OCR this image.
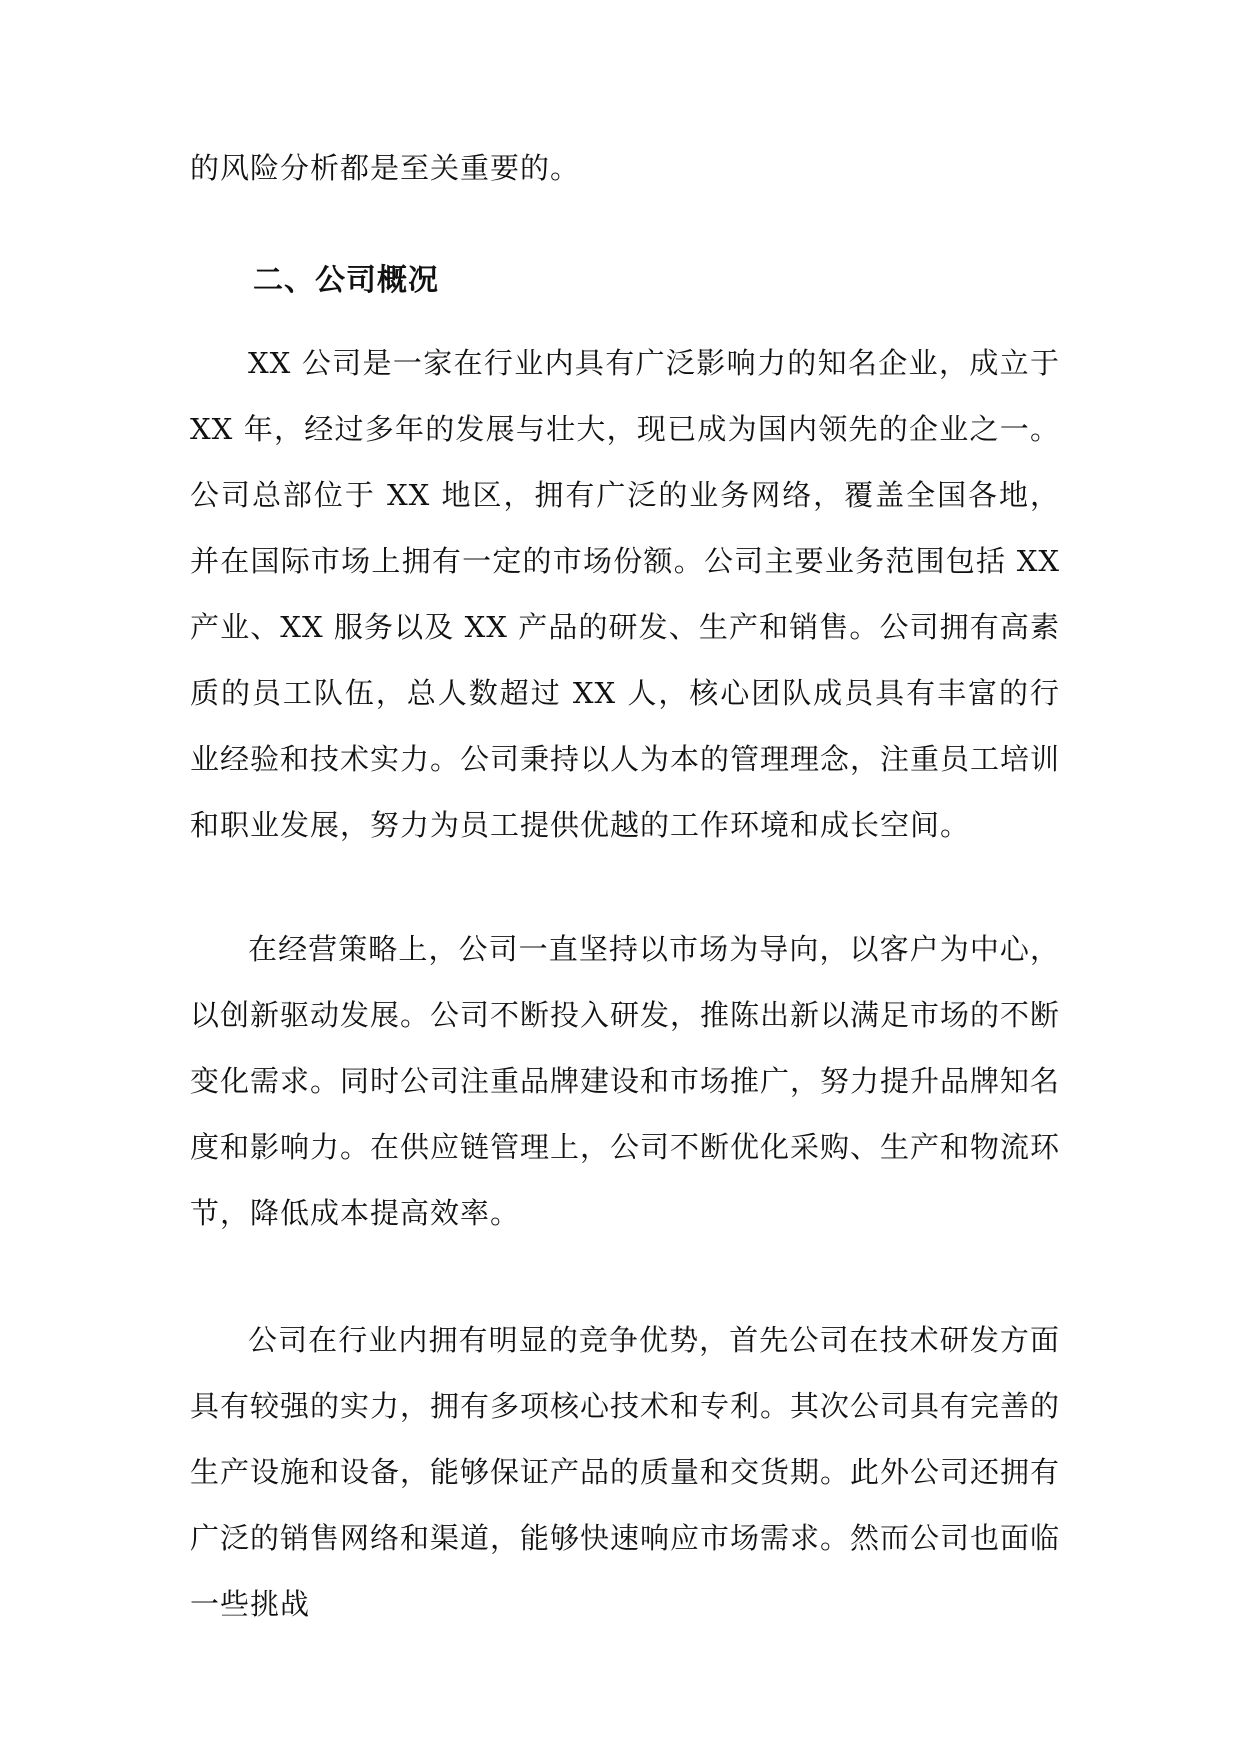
的风险分析都是至关重要的。

二、公司概况

XX 公司是一家在行业内具有广泛影响力的知名企业，成立于 XX 年，经过多年的发展与壮大，现已成为国内领先的企业之一。公司总部位于 XX 地区，拥有广泛的业务网络，覆盖全国各地，并在国际市场上拥有一定的市场份额。公司主要业务范围包括 XX 产业、XX 服务以及 XX 产品的研发、生产和销售。公司拥有高素质的员工队伍，总人数超过 XX 人，核心团队成员具有丰富的行业经验和技术实力。公司秉持以人为本的管理理念，注重员工培训和职业发展，努力为员工提供优越的工作环境和成长空间。

在经营策略上，公司一直坚持以市场为导向，以客户为中心，以创新驱动发展。公司不断投入研发，推陈出新以满足市场的不断变化需求。同时公司注重品牌建设和市场推广，努力提升品牌知名度和影响力。在供应链管理上，公司不断优化采购、生产和物流环节，降低成本提高效率。

公司在行业内拥有明显的竞争优势，首先公司在技术研发方面具有较强的实力，拥有多项核心技术和专利。其次公司具有完善的生产设施和设备，能够保证产品的质量和交货期。此外公司还拥有广泛的销售网络和渠道，能够快速响应市场需求。然而公司也面临一些挑战
